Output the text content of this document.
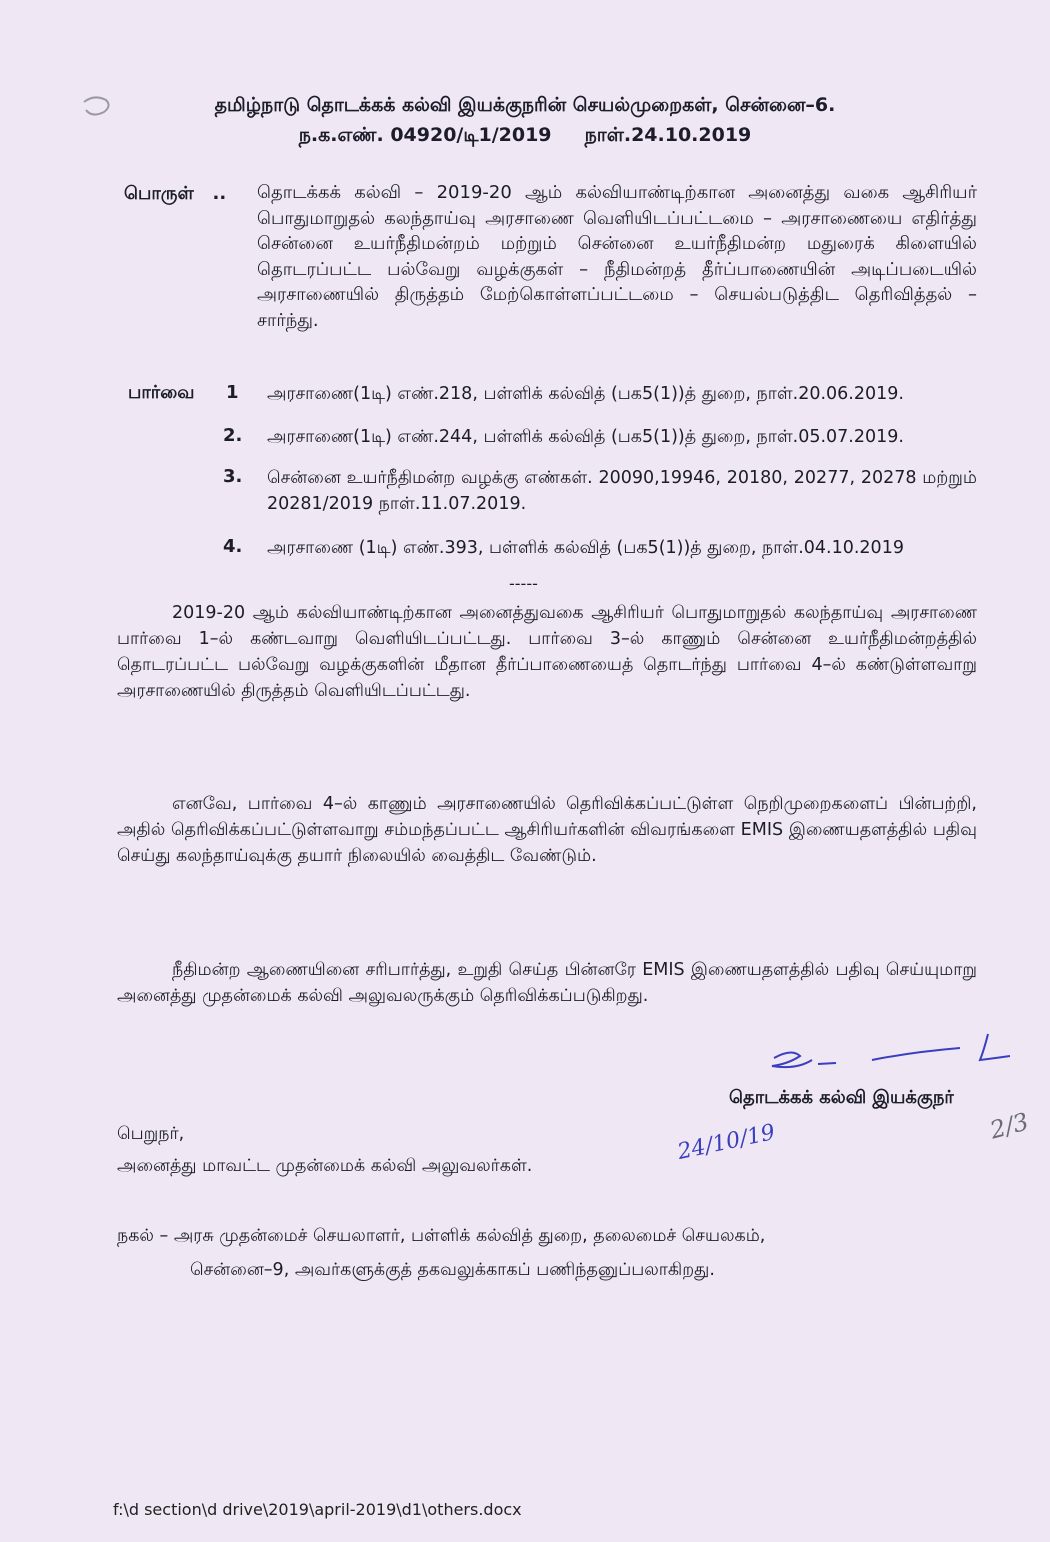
தமிழ்நாடு தொடக்கக் கல்வி இயக்குநரின் செயல்முறைகள், சென்னை–6.
ந.க.எண். 04920/டி1/2019     நாள்.24.10.2019
பொருள்   .. தொடக்கக் கல்வி – 2019-20 ஆம் கல்வியாண்டிற்கான அனைத்து வகை ஆசிரியர் பொதுமாறுதல் கலந்தாய்வு அரசாணை வெளியிடப்பட்டமை – அரசாணையை எதிர்த்து சென்னை உயர்நீதிமன்றம் மற்றும் சென்னை உயர்நீதிமன்ற மதுரைக் கிளையில் தொடரப்பட்ட பல்வேறு வழக்குகள் – நீதிமன்றத் தீர்ப்பாணையின் அடிப்படையில் அரசாணையில் திருத்தம் மேற்கொள்ளப்பட்டமை – செயல்படுத்திட தெரிவித்தல் – சார்ந்து.
பார்வை 1 அரசாணை(1டி) எண்.218, பள்ளிக் கல்வித் (பக5(1))த் துறை, நாள்.20.06.2019.
2. அரசாணை(1டி) எண்.244, பள்ளிக் கல்வித் (பக5(1))த் துறை, நாள்.05.07.2019.
3. சென்னை உயர்நீதிமன்ற வழக்கு எண்கள். 20090,19946, 20180, 20277, 20278 மற்றும் 20281/2019 நாள்.11.07.2019.
4. அரசாணை (1டி) எண்.393, பள்ளிக் கல்வித் (பக5(1))த் துறை, நாள்.04.10.2019
-----
2019-20 ஆம் கல்வியாண்டிற்கான அனைத்துவகை ஆசிரியர் பொதுமாறுதல் கலந்தாய்வு அரசாணை பார்வை 1–ல் கண்டவாறு வெளியிடப்பட்டது. பார்வை 3–ல் காணும் சென்னை உயர்நீதிமன்றத்தில் தொடரப்பட்ட பல்வேறு வழக்குகளின் மீதான தீர்ப்பாணையைத் தொடர்ந்து பார்வை 4–ல் கண்டுள்ளவாறு அரசாணையில் திருத்தம் வெளியிடப்பட்டது.
எனவே, பார்வை 4–ல் காணும் அரசாணையில் தெரிவிக்கப்பட்டுள்ள நெறிமுறைகளைப் பின்பற்றி, அதில் தெரிவிக்கப்பட்டுள்ளவாறு சம்மந்தப்பட்ட ஆசிரியர்களின் விவரங்களை EMIS இணையதளத்தில் பதிவு செய்து கலந்தாய்வுக்கு தயார் நிலையில் வைத்திட வேண்டும்.
நீதிமன்ற ஆணையினை சரிபார்த்து, உறுதி செய்த பின்னரே EMIS இணையதளத்தில் பதிவு செய்யுமாறு அனைத்து முதன்மைக் கல்வி அலுவலருக்கும் தெரிவிக்கப்படுகிறது.
தொடக்கக் கல்வி இயக்குநர்
24/10/19	2/3
பெறுநர்,
அனைத்து மாவட்ட முதன்மைக் கல்வி அலுவலர்கள்.
நகல் – அரசு முதன்மைச் செயலாளர், பள்ளிக் கல்வித் துறை, தலைமைச் செயலகம்,
சென்னை–9, அவர்களுக்குத் தகவலுக்காகப் பணிந்தனுப்பலாகிறது.
f:\d section\d drive\2019\april-2019\d1\others.docx
